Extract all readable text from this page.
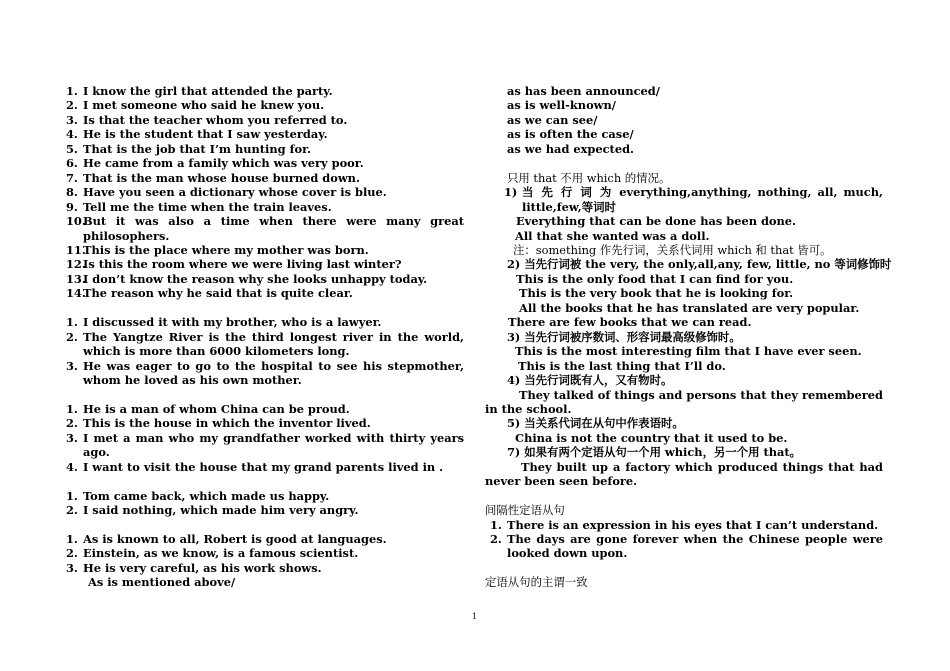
1. I know the girl that attended the party.
2. I met someone who said he knew you.
3. Is that the teacher whom you referred to.
4. He is the student that I saw yesterday.
5. That is the job that I’m hunting for.
6. He came from a family which was very poor.
7. That is the man whose house burned down.
8. Have you seen a dictionary whose cover is blue.
9. Tell me the time when the train leaves.
10.
But it was also a time when there were many great philosophers.
11.
This is the place where my mother was born.
12.
Is this the room where we were living last winter?
13.
I don’t know the reason why she looks unhappy today.
14.
The reason why he said that is quite clear.
1. I discussed it with my brother, who is a lawyer.
2. The Yangtze River is the third longest river in the world, which is more than 6000 kilometers long.
3. He was eager to go to the hospital to see his stepmother, whom he loved as his own mother.
1. He is a man of whom China can be proud.
2. This is the house in which the inventor lived.
3. I met a man who my grandfather worked with thirty years ago.
4. I want to visit the house that my grand parents lived in .
1. Tom came back, which made us happy.
2. I said nothing, which made him very angry.
1. As is known to all, Robert is good at languages.
2. Einstein, as we know, is a famous scientist.
3. He is very careful, as his work shows.
As is mentioned above/
as has been announced/
as is well-known/
as we can see/
as is often the case/
as we had expected.
只用 that 不用 which 的情况。
1) 当 先 行 词 为 everything,anything, nothing, all, much, little,few,等词时
Everything that can be done has been done.
All that she wanted was a doll.
注：something 作先行词，关系代词用 which 和 that 皆可。
2) 当先行词被 the very, the only,all,any, few, little, no 等词修饰时
This is the only food that I can find for you.
This is the very book that he is looking for.
All the books that he has translated are very popular.
There are few books that we can read.
3) 当先行词被序数词、形容词最高级修饰时。
This is the most interesting film that I have ever seen.
This is the last thing that I’ll do.
4) 当先行词既有人，又有物时。
They talked of things and persons that they remembered in the school.
5) 当关系代词在从句中作表语时。
China is not the country that it used to be.
7) 如果有两个定语从句一个用 which，另一个用 that。
They built up a factory which produced things that had never been seen before.
间隔性定语从句
1. There is an expression in his eyes that I can’t understand.
2. The days are gone forever when the Chinese people were looked down upon.
定语从句的主谓一致
1
